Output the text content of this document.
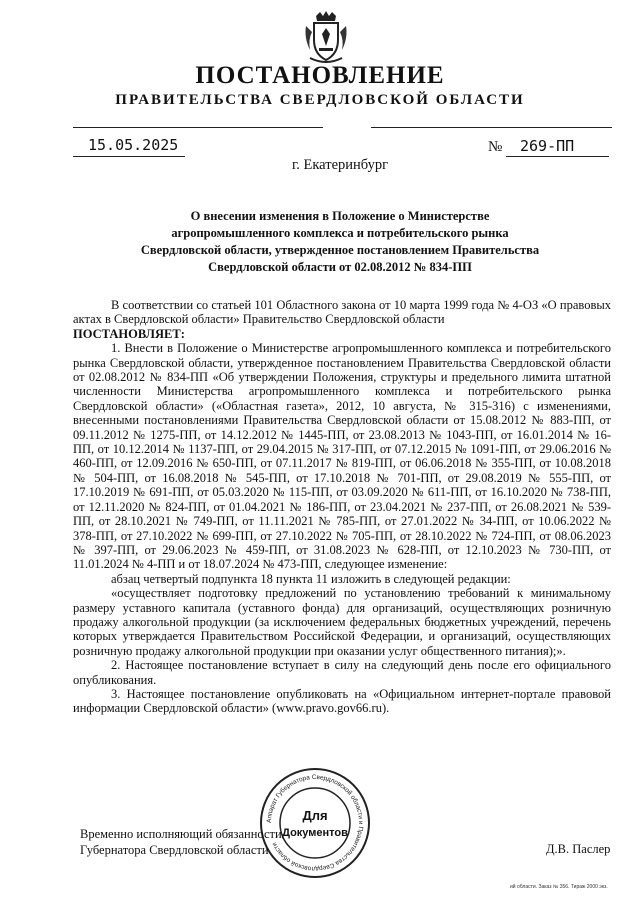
ПОСТАНОВЛЕНИЕ
ПРАВИТЕЛЬСТВА СВЕРДЛОВСКОЙ ОБЛАСТИ
15.05.2025	№ 269-ПП
г. Екатеринбург
О внесении изменения в Положение о Министерстве
агропромышленного комплекса и потребительского рынка
Свердловской области, утвержденное постановлением Правительства
Свердловской области от 02.08.2012 № 834-ПП

В соответствии со статьей 101 Областного закона от 10 марта 1999 года № 4-ОЗ «О правовых актах в Свердловской области» Правительство Свердловской области

ПОСТАНОВЛЯЕТ:

1. Внести в Положение о Министерстве агропромышленного комплекса и потребительского рынка Свердловской области, утвержденное постановлением Правительства Свердловской области от 02.08.2012 № 834-ПП «Об утверждении Положения, структуры и предельного лимита штатной численности Министерства агропромышленного комплекса и потребительского рынка Свердловской области» («Областная газета», 2012, 10 августа, № 315-316) с изменениями, внесенными постановлениями Правительства Свердловской области от 15.08.2012 № 883-ПП, от 09.11.2012 № 1275-ПП, от 14.12.2012 № 1445-ПП, от 23.08.2013 № 1043-ПП, от 16.01.2014 № 16-ПП, от 10.12.2014 № 1137-ПП, от 29.04.2015 № 317-ПП, от 07.12.2015 № 1091-ПП, от 29.06.2016 № 460-ПП, от 12.09.2016 № 650-ПП, от 07.11.2017 № 819-ПП, от 06.06.2018 № 355-ПП, от 10.08.2018 № 504-ПП, от 16.08.2018 № 545-ПП, от 17.10.2018 № 701-ПП, от 29.08.2019 № 555-ПП, от 17.10.2019 № 691-ПП, от 05.03.2020 № 115-ПП, от 03.09.2020 № 611-ПП, от 16.10.2020 № 738-ПП, от 12.11.2020 № 824-ПП, от 01.04.2021 № 186-ПП, от 23.04.2021 № 237-ПП, от 26.08.2021 № 539-ПП, от 28.10.2021 № 749-ПП, от 11.11.2021 № 785-ПП, от 27.01.2022 № 34-ПП, от 10.06.2022 № 378-ПП, от 27.10.2022 № 699-ПП, от 27.10.2022 № 705-ПП, от 28.10.2022 № 724-ПП, от 08.06.2023 № 397-ПП, от 29.06.2023 № 459-ПП, от 31.08.2023 № 628-ПП, от 12.10.2023 № 730-ПП, от 11.01.2024 № 4-ПП и от 18.07.2024 № 473-ПП, следующее изменение:

абзац четвертый подпункта 18 пункта 11 изложить в следующей редакции:

«осуществляет подготовку предложений по установлению требований к минимальному размеру уставного капитала (уставного фонда) для организаций, осуществляющих розничную продажу алкогольной продукции (за исключением федеральных бюджетных учреждений, перечень которых утверждается Правительством Российской Федерации, и организаций, осуществляющих розничную продажу алкогольной продукции при оказании услуг общественного питания);».

2. Настоящее постановление вступает в силу на следующий день после его официального опубликования.

3. Настоящее постановление опубликовать на «Официальном интернет-портале правовой информации Свердловской области» (www.pravo.gov66.ru).

Аппарат Губернатора Свердловской области и Правительства Свердловской области
Для
Документов
Временно исполняющий обязанности
Губернатора Свердловской области	Д.В. Паслер
ий области. Заказ № 356. Тираж 2000 экз.
